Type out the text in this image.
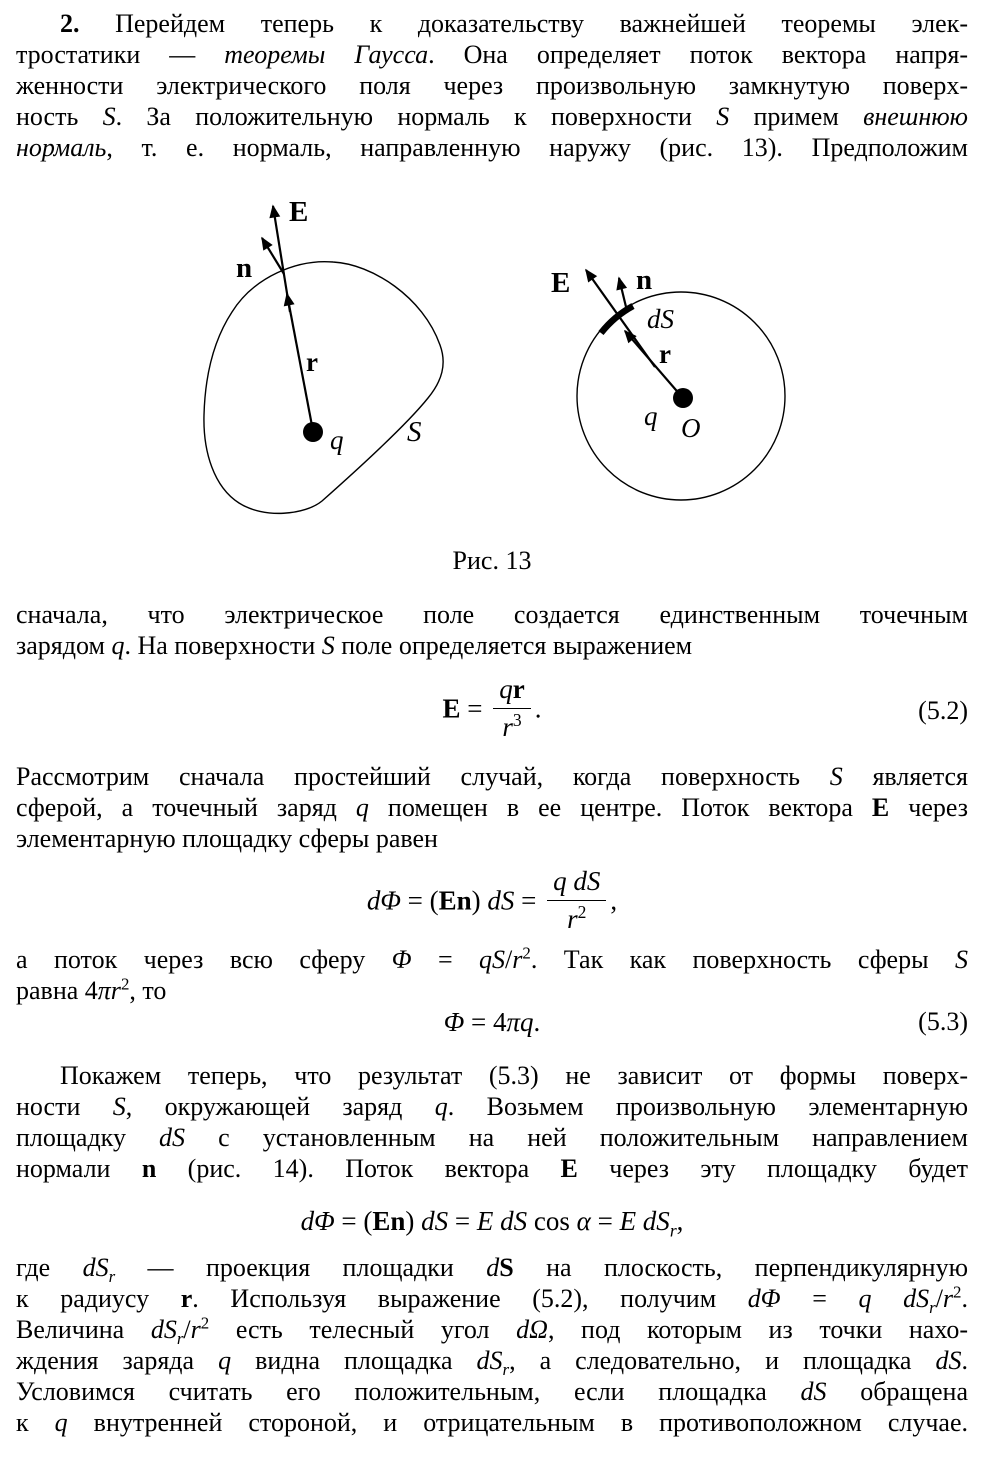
2. Перейдем теперь к доказательству важнейшей теоремы элек-
тростатики — теоремы Гаусса. Она определяет поток вектора напря-
женности электрического поля через произвольную замкнутую поверх-
ность S. За положительную нормаль к поверхности S примем внешнюю
нормаль, т. е. нормаль, направленную наружу (рис. 13). Предположим
E
n
r
q S
E n
dS
r
q O
Рис. 13
сначала, что электрическое поле создается единственным точечным
зарядом q. На поверхности S поле определяется выражением
$E = \frac{qr}{r^3}$ .	(5.2)
Рассмотрим сначала простейший случай, когда поверхность S является
сферой, а точечный заряд q помещен в ее центре. Поток вектора E через
элементарную площадку сферы равен
dΦ = (En) dS = $\frac{\text{q dS}}{r^2}$ ,
а поток через всю сферу $\Phi = qS/r^2$. Так как поверхность сферы S
равна $4\pi r^2$, то
Φ = 4πq.	(5.3)
Покажем теперь, что результат (5.3) не зависит от формы поверх-
ности S, окружающей заряд q. Возьмем произвольную элементарную
площадку dS с установленным на ней положительным направлением
нормали n (рис. 14). Поток вектора E через эту площадку будет
dΦ = (En) dS = E dS cos α = E $dS_r$,
где $dS_r$ — проекция площадки dS на плоскость, перпендикулярную
к радиусу r. Используя выражение (5.2), получим dΦ = q $dS_r/r^2$.
Величина $dS_r/r^2$ есть телесный угол dΩ, под которым из точки нахо-
ждения заряда q видна площадка $dS_r$, а следовательно, и площадка dS.
Условимся считать его положительным, если площадка dS обращена
к q внутренней стороной, и отрицательным в противоположном случае.
